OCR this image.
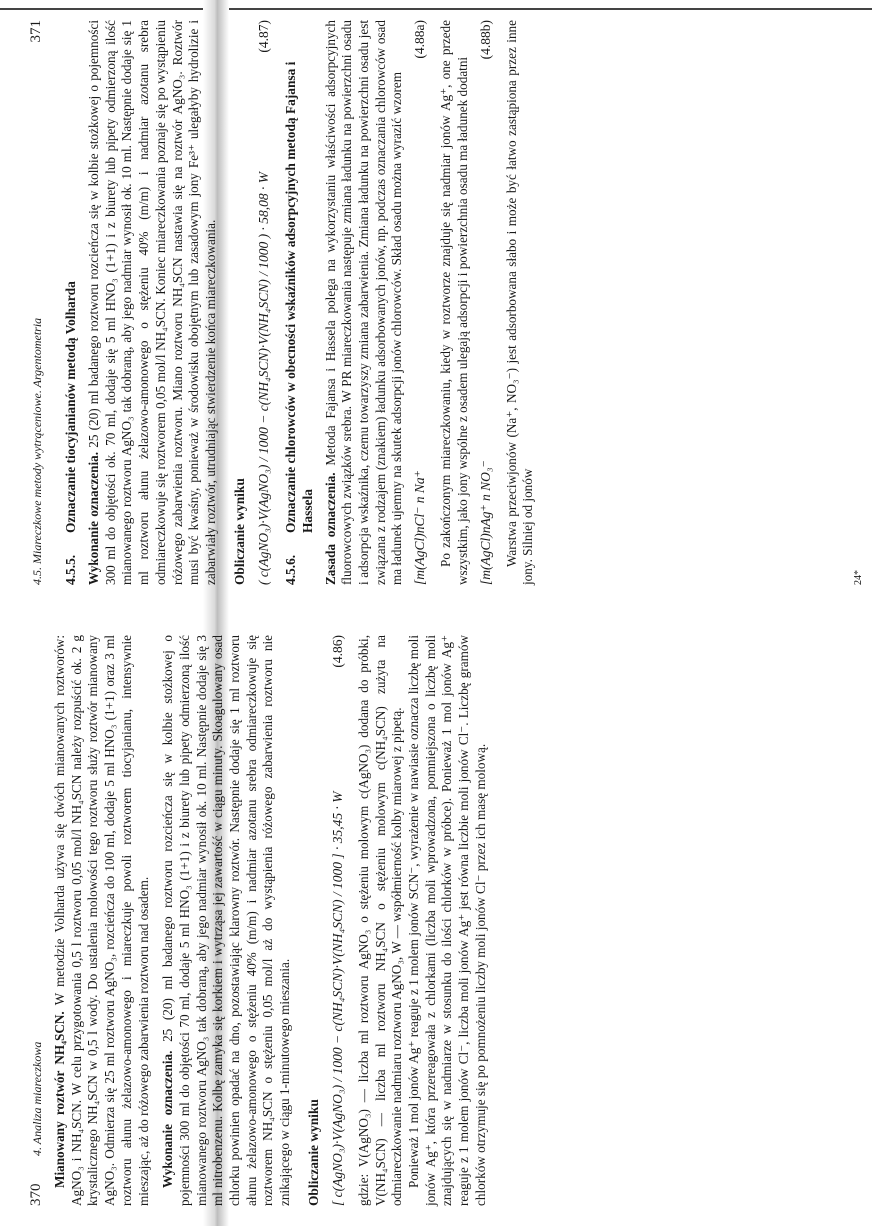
370
4. Analiza miareczkowa Mianowany roztwór NH₄SCN. W metodzie Volharda używa się dwóch mianowanych roztworów: AgNO₃ i NH₄SCN. W celu przygotowania 0,5 l roztworu 0,05 mol/l NH₄SCN należy rozpuścić ok. 2 g krystalicznego NH₄SCN w 0,5 l wody. Do ustalenia molowości tego roztworu służy roztwór mianowany AgNO₃. Odmierza się 25 ml roztworu AgNO₃, rozcieńcza do 100 ml, dodaje 5 ml HNO₃ (1+1) oraz 3 ml roztworu ałunu żelazowo-amonowego i miareczkuje powoli roztworem tiocyjanianu, intensywnie mieszając, aż do różowego zabarwienia roztworu nad osadem. Wykonanie oznaczenia. 25 (20) ml badanego roztworu rozcieńcza się w kolbie stożkowej o pojemności 300 ml do objętości 70 ml, dodaje 5 ml HNO₃ (1+1) i z biurety lub pipety odmierzoną ilość mianowanego roztworu AgNO₃ tak dobraną, aby jego nadmiar wynosił ok. 10 ml. Następnie dodaje się 3 ml nitrobenzenu. Kolbę zamyka się korkiem i wytrząsa jej zawartość w ciągu minuty. Skoagulowany osad chlorku powinien opadać na dno, pozostawiając klarowny roztwór. Następnie dodaje się 1 ml roztworu ałunu żelazowo-amonowego o stężeniu 40% (m/m) i nadmiar azotanu srebra odmiareczkowuje się roztworem NH₄SCN o stężeniu 0,05 mol/l aż do wystąpienia różowego zabarwienia roztworu nie znikającego w ciągu 1-minutowego mieszania. Obliczanie wyniku [ c(AgNO₃)·V(AgNO₃) / 1000 − c(NH₄SCN)·V(NH₄SCN) / 1000 ] · 35,45 · W
(4.86) gdzie: V(AgNO₃) — liczba ml roztworu AgNO₃ o stężeniu molowym c(AgNO₃) dodana do próbki, V(NH₄SCN) — liczba ml roztworu NH₄SCN o stężeniu molowym c(NH₄SCN) zużyta na odmiareczkowanie nadmiaru roztworu AgNO₃, W — współmierność kolby miarowej z pipetą. Ponieważ 1 mol jonów Ag⁺ reaguje z 1 molem jonów SCN⁻, wyrażenie w nawiasie oznacza liczbę moli jonów Ag⁺, która przereagowała z chlorkami (liczba moli wprowadzona, pomniejszona o liczbę moli znajdujących się w nadmiarze w stosunku do ilości chlorków w próbce). Ponieważ 1 mol jonów Ag⁺ reaguje z 1 molem jonów Cl⁻, liczba moli jonów Ag⁺ jest równa liczbie moli jonów Cl⁻. Liczbę gramów chlorków otrzymuje się po pomnożeniu liczby moli jonów Cl⁻ przez ich masę molową.

4.5. Miareczkowe metody wytrąceniowe. Argentometria
371
4.5.5.
Oznaczanie tiocyjanianów metodą Volharda Wykonanie oznaczenia. 25 (20) ml badanego roztworu rozcieńcza się w kolbie stożkowej o pojemności 300 ml do objętości ok. 70 ml, dodaje się 5 ml HNO₃ (1+1) i z biurety lub pipety odmierzoną ilość mianowanego roztworu AgNO₃ tak dobraną, aby jego nadmiar wynosił ok. 10 ml. Następnie dodaje się 1 ml roztworu ałunu żelazowo-amonowego o stężeniu 40% (m/m) i nadmiar azotanu srebra odmiareczkowuje się roztworem 0,05 mol/l NH₄SCN. Koniec miareczkowania poznaje się po wystąpieniu różowego zabarwienia roztworu. Miano roztworu NH₄SCN nastawia się na roztwór AgNO₃. Roztwór musi być kwaśny, ponieważ w środowisku obojętnym lub zasadowym jony Fe³⁺ ulegałyby hydrolizie i zabarwiały roztwór, utrudniając stwierdzenie końca miareczkowania. Obliczanie wyniku ( c(AgNO₃)·V(AgNO₃) / 1000 − c(NH₄SCN)·V(NH₄SCN) / 1000 ) · 58,08 · W
(4.87)
4.5.6.
Oznaczanie chlorowców w obecności wskaźników adsorpcyjnych metodą Fajansa i Hassela Zasada oznaczenia. Metoda Fajansa i Hassela polega na wykorzystaniu właściwości adsorpcyjnych fluorowcowych związków srebra. W PR miareczkowania następuje zmiana ładunku na powierzchni osadu i adsorpcja wskaźnika, czemu towarzyszy zmiana zabarwienia. Zmiana ładunku na powierzchni osadu jest związana z rodzajem (znakiem) ładunku adsorbowanych jonów, np. podczas oznaczania chlorowców osad ma ładunek ujemny na skutek adsorpcji jonów chlorowców. Skład osadu można wyrazić wzorem [m(AgCl)nCl⁻ n Na⁺
(4.88a) Po zakończonym miareczkowaniu, kiedy w roztworze znajduje się nadmiar jonów Ag⁺, one przede wszystkim, jako jony wspólne z osadem ulegają adsorpcji i powierzchnia osadu ma ładunek dodatni [m(AgCl)nAg⁺ n NO₃⁻
(4.88b) Warstwa przeciwjonów (Na⁺, NO₃⁻) jest adsorbowana słabo i może być łatwo zastąpiona przez inne jony. Silniej od jonów	24*
